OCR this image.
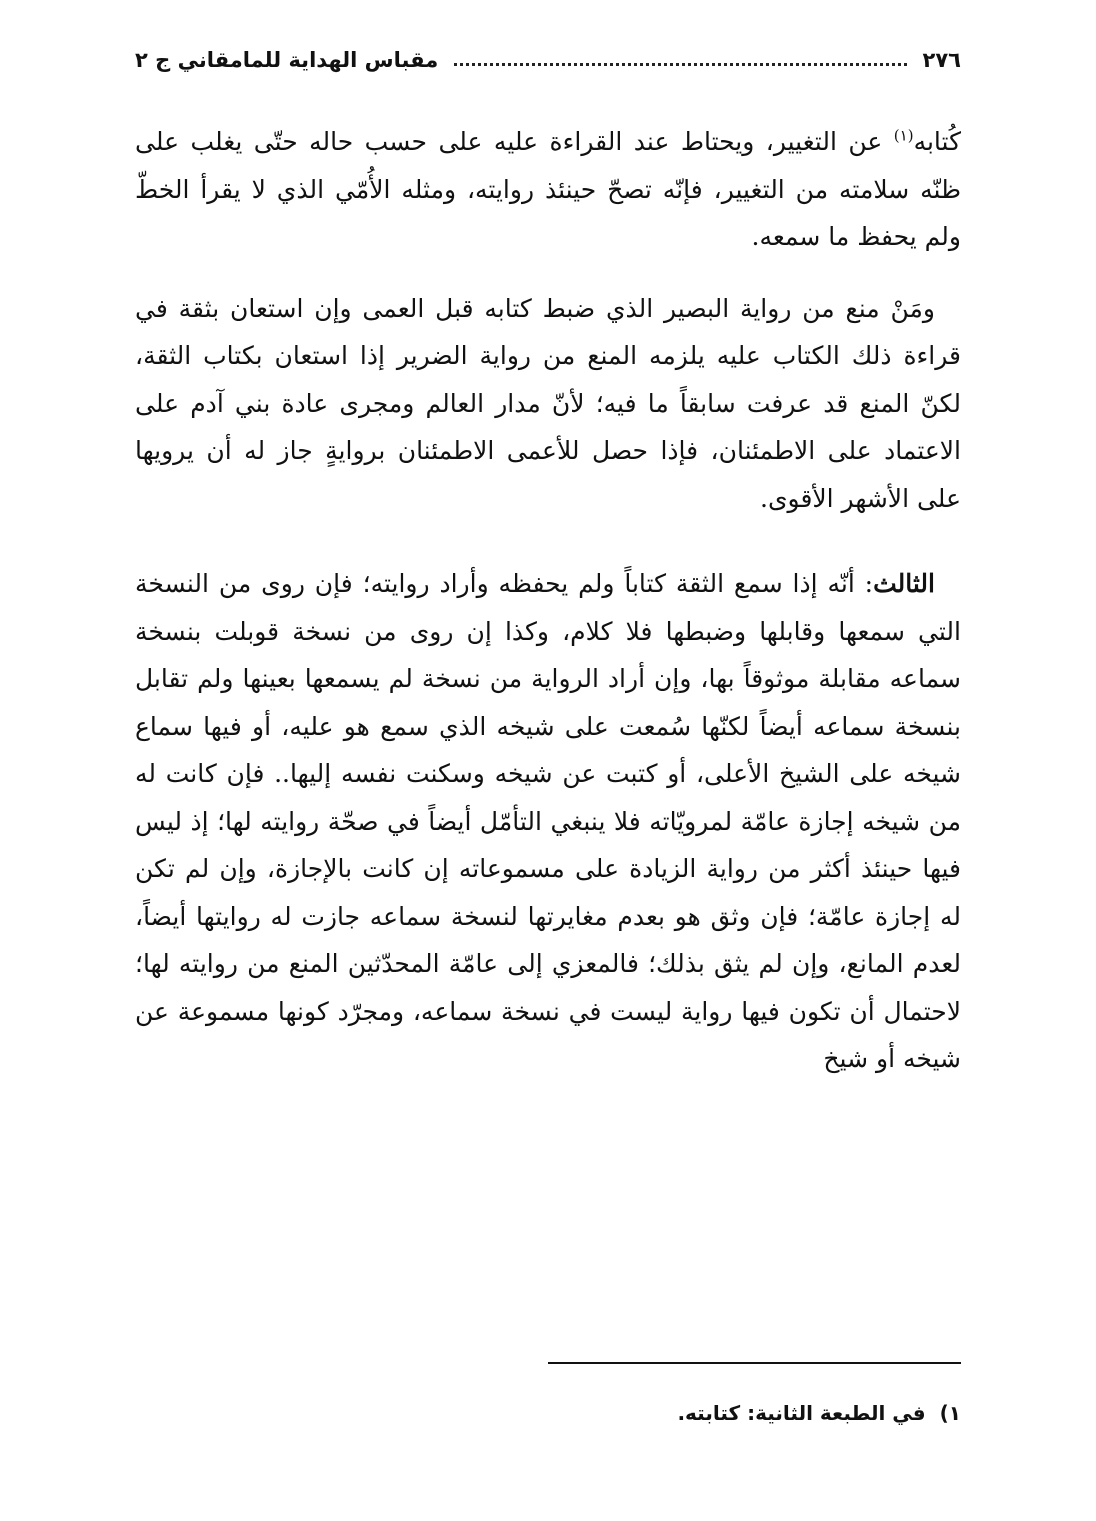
٢٧٦
مقباس الهداية للمامقاني ج ٢

كُتابه$^{(١)}$ عن التغيير، ويحتاط عند القراءة عليه على حسب حاله حتّى يغلب على ظنّه سلامته من التغيير، فإنّه تصحّ حينئذ روايته، ومثله الأُمّي الذي لا يقرأ الخطّ ولم يحفظ ما سمعه.

ومَنْ منع من رواية البصير الذي ضبط كتابه قبل العمى وإن استعان بثقة في قراءة ذلك الكتاب عليه يلزمه المنع من رواية الضرير إذا استعان بكتاب الثقة، لكنّ المنع قد عرفت سابقاً ما فيه؛ لأنّ مدار العالم ومجرى عادة بني آدم على الاعتماد على الاطمئنان، فإذا حصل للأعمى الاطمئنان بروايةٍ جاز له أن يرويها على الأشهر الأقوى.

الثالث: أنّه إذا سمع الثقة كتاباً ولم يحفظه وأراد روايته؛ فإن روى من النسخة التي سمعها وقابلها وضبطها فلا كلام، وكذا إن روى من نسخة قوبلت بنسخة سماعه مقابلة موثوقاً بها، وإن أراد الرواية من نسخة لم يسمعها بعينها ولم تقابل بنسخة سماعه أيضاً لكنّها سُمعت على شيخه الذي سمع هو عليه، أو فيها سماع شيخه على الشيخ الأعلى، أو كتبت عن شيخه وسكنت نفسه إليها.. فإن كانت له من شيخه إجازة عامّة لمرويّاته فلا ينبغي التأمّل أيضاً في صحّة روايته لها؛ إذ ليس فيها حينئذ أكثر من رواية الزيادة على مسموعاته إن كانت بالإجازة، وإن لم تكن له إجازة عامّة؛ فإن وثق هو بعدم مغايرتها لنسخة سماعه جازت له روايتها أيضاً، لعدم المانع، وإن لم يثق بذلك؛ فالمعزي إلى عامّة المحدّثين المنع من روايته لها؛ لاحتمال أن تكون فيها رواية ليست في نسخة سماعه، ومجرّد كونها مسموعة عن شيخه أو شيخ

١)في الطبعة الثانية: كتابته.
